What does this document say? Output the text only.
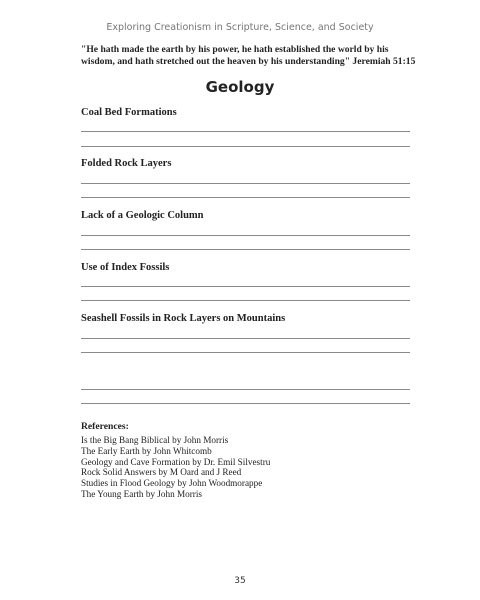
Exploring Creationism in Scripture, Science, and Society
"He hath made the earth by his power, he hath established the world by his wisdom, and hath stretched out the heaven by his understanding" Jeremiah 51:15
Geology
Coal Bed Formations
Folded Rock Layers
Lack of a Geologic Column
Use of Index Fossils
Seashell Fossils in Rock Layers on Mountains
References:
Is the Big Bang Biblical by John Morris
The Early Earth by John Whitcomb
Geology and Cave Formation by Dr. Emil Silvestru
Rock Solid Answers by M Oard and J Reed
Studies in Flood Geology by John Woodmorappe
The Young Earth by John Morris
35
